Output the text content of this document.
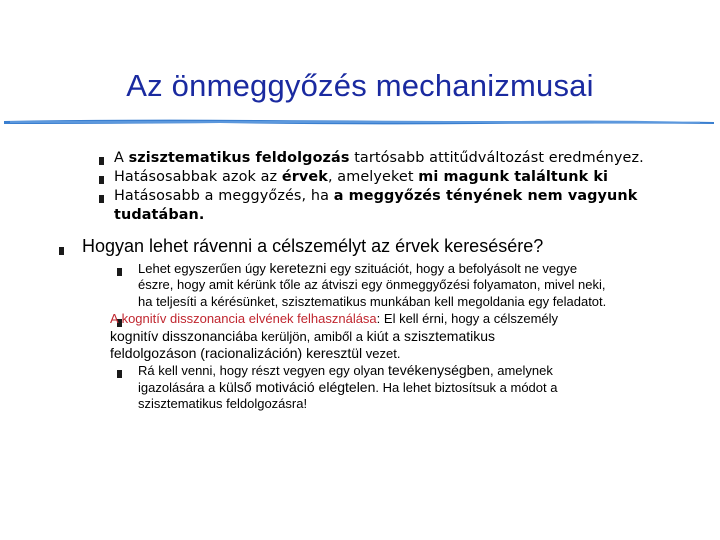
Az önmeggyőzés mechanizmusai
A szisztematikus feldolgozás tartósabb attitűdváltozást eredményez.
Hatásosabbak azok az érvek, amelyeket mi magunk találtunk ki
Hatásosabb a meggyőzés, ha a meggyőzés tényének nem vagyunk
tudatában.
Hogyan lehet rávenni a célszemélyt az érvek keresésére?
Lehet egyszerűen úgy keretezni egy szituációt, hogy a befolyásolt ne vegye
észre, hogy amit kérünk tőle az átviszi egy önmeggyőzési folyamaton, mivel neki,
ha teljesíti a kérésünket, szisztematikus munkában kell megoldania egy feladatot.
A kognitív disszonancia elvének felhasználása: El kell érni, hogy a célszemély
kognitív disszonanciába kerüljön, amiből a kiút a szisztematikus
feldolgozáson (racionalizáción) keresztül vezet.
Rá kell venni, hogy részt vegyen egy olyan tevékenységben, amelynek
igazolására a külső motiváció elégtelen. Ha lehet biztosítsuk a módot a
szisztematikus feldolgozásra!
